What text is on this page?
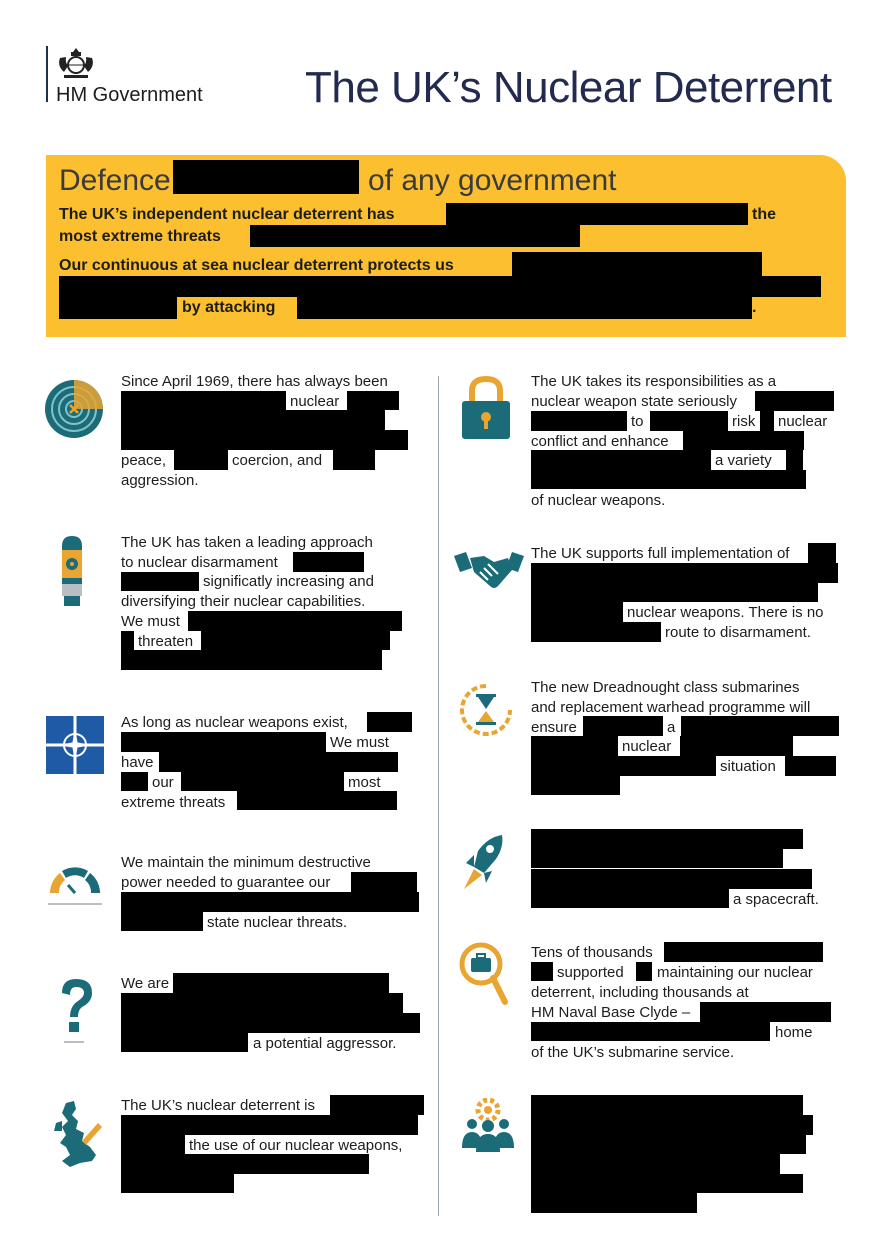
HM Government The UK’s Nuclear Deterrent
Defence	of any government
The UK’s independent nuclear deterrent has	the
most extreme threats
Our continuous at sea nuclear deterrent protects us
by attacking	.
Since April 1969, there has always been
nuclear
peace,	coercion, and
aggression.
The UK has taken a leading approach
to nuclear disarmament
significatly increasing and
diversifying their nuclear capabilities.
We must
threaten
As long as nuclear weapons exist,
We must
have
our	most
extreme threats
We maintain the minimum destructive
power needed to guarantee our
state nuclear threats.
We are
a potential aggressor.
The UK’s nuclear deterrent is
the use of our nuclear weapons,
The UK takes its responsibilities as a
nuclear weapon state seriously
to	risk nuclear
conflict and enhance
a variety
of nuclear weapons.
The UK supports full implementation of
nuclear weapons. There is no
route to disarmament.
The new Dreadnought class submarines
and replacement warhead programme will
ensure	a
nuclear
situation
a spacecraft.
Tens of thousands
supported maintaining our nuclear
deterrent, including thousands at
HM Naval Base Clyde –
home
of the UK’s submarine service.
